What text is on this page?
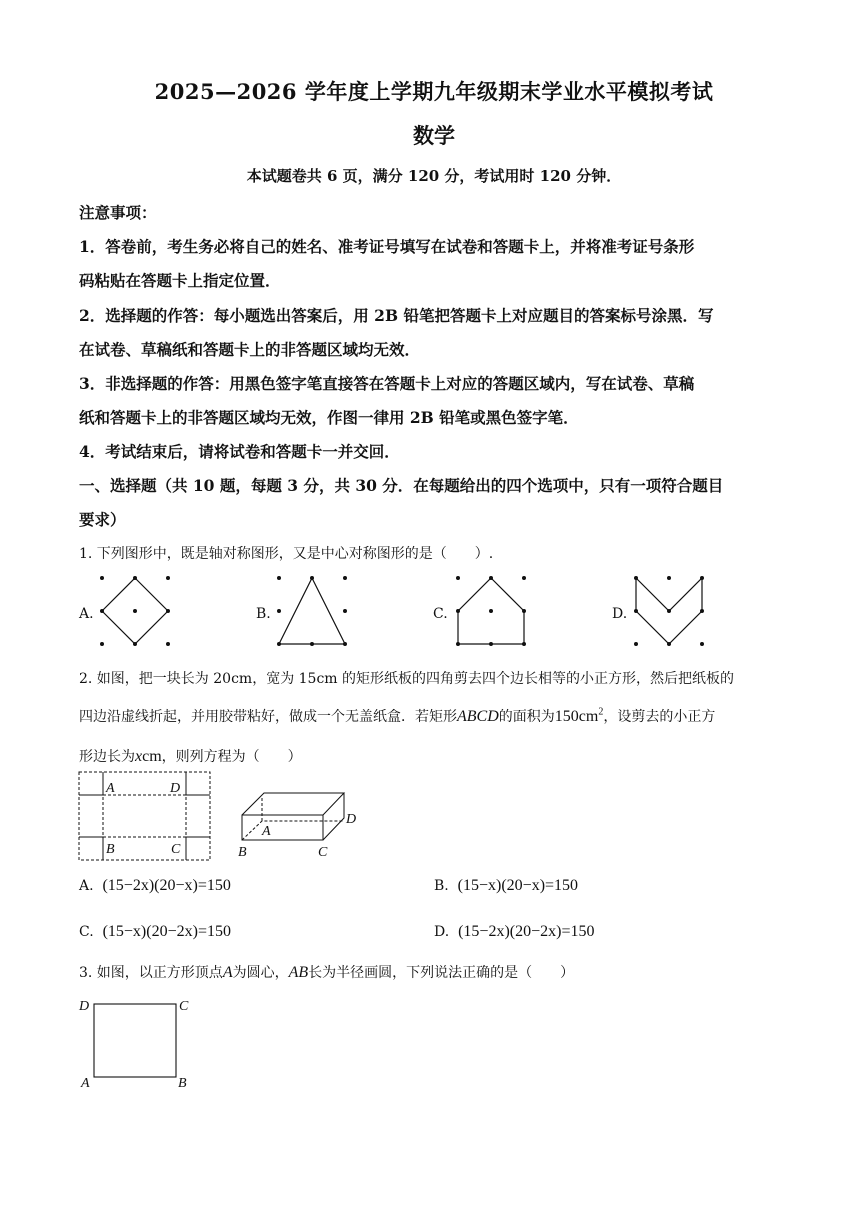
2025—2026 学年度上学期九年级期末学业水平模拟考试
数学
本试题卷共 6 页，满分 120 分，考试用时 120 分钟．
注意事项：
1．答卷前，考生务必将自己的姓名、准考证号填写在试卷和答题卡上，并将准考证号条形
码粘贴在答题卡上指定位置．
2．选择题的作答：每小题选出答案后，用 2B 铅笔把答题卡上对应题目的答案标号涂黑．写
在试卷、草稿纸和答题卡上的非答题区域均无效．
3．非选择题的作答：用黑色签字笔直接答在答题卡上对应的答题区域内，写在试卷、草稿
纸和答题卡上的非答题区域均无效，作图一律用 2B 铅笔或黑色签字笔．
4．考试结束后，请将试卷和答题卡一并交回．
一、选择题（共 10 题，每题 3 分，共 30 分．在每题给出的四个选项中，只有一项符合题目
要求）
1. 下列图形中，既是轴对称图形，又是中心对称图形的是（　　）.
A.	B.	C.	D.
2. 如图，把一块长为 20cm，宽为 15cm 的矩形纸板的四角剪去四个边长相等的小正方形，然后把纸板的
四边沿虚线折起，并用胶带粘好，做成一个无盖纸盒．若矩形ABCD的面积为$150cm^2$，设剪去的小正方
形边长为xcm，则列方程为（　　）
A	D
B	C
A
D
B	C
A. (15−2x)(20−x)=150	B. (15−x)(20−x)=150
C. (15−x)(20−2x)=150	D. (15−2x)(20−2x)=150
3. 如图，以正方形顶点A为圆心，AB长为半径画圆，下列说法正确的是（　　）
D	C
A	B
